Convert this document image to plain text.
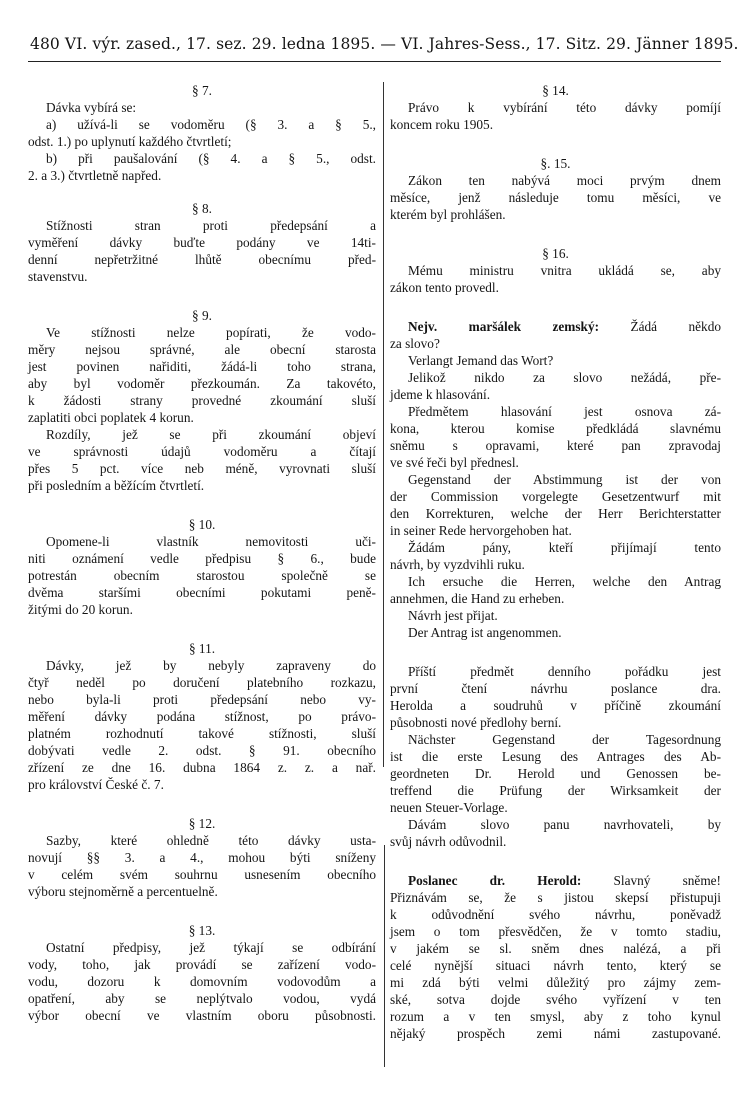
480 VI. výr. zased., 17. sez. 29. ledna 1895. — VI. Jahres-Sess., 17. Sitz. 29. Jänner 1895.

§ 7.

Dávka vybírá se:
a) užívá-li se vodoměru (§ 3. a § 5.,
odst. 1.) po uplynutí každého čtvrtletí;
b) při paušalování (§ 4. a § 5., odst.
2. a 3.) čtvrtletně napřed.

§ 8.

Stížnosti stran proti předepsání a
vyměření dávky buďte podány ve 14ti-
denní nepřetržitné lhůtě obecnímu před-
stavenstvu.

§ 9.

Ve stížnosti nelze popírati, že vodo-
měry nejsou správné, ale obecní starosta
jest povinen nařiditi, žádá-li toho strana,
aby byl vodoměr přezkoumán. Za takovéto,
k žádosti strany provedné zkoumání sluší
zaplatiti obci poplatek 4 korun.
Rozdíly, jež se při zkoumání objeví
ve správnosti údajů vodoměru a čítají
přes 5 pct. více neb méně, vyrovnati sluší
při posledním a běžícím čtvrtletí.

§ 10.

Opomene-li vlastník nemovitosti uči-
niti oznámení vedle předpisu § 6., bude
potrestán obecním starostou společně se
dvěma staršími obecními pokutami peně-
žitými do 20 korun.

§ 11.

Dávky, jež by nebyly zapraveny do
čtyř neděl po doručení platebního rozkazu,
nebo byla-li proti předepsání nebo vy-
měření dávky podána stížnost, po právo-
platném rozhodnutí takové stížnosti, sluší
dobývati vedle 2. odst. § 91. obecního
zřízení ze dne 16. dubna 1864 z. z. a nař.
pro království České č. 7.

§ 12.

Sazby, které ohledně této dávky usta-
novují §§ 3. a 4., mohou býti sníženy
v celém svém souhrnu usnesením obecního
výboru stejnoměrně a percentuelně.

§ 13.

Ostatní předpisy, jež týkají se odbírání
vody, toho, jak provádí se zařízení vodo-
vodu, dozoru k domovním vodovodům a
opatření, aby se neplýtvalo vodou, vydá
výbor obecní ve vlastním oboru působnosti.

§ 14.

Právo k vybírání této dávky pomíjí
koncem roku 1905.

§. 15.

Zákon ten nabývá moci prvým dnem
měsíce, jenž následuje tomu měsíci, ve
kterém byl prohlášen.

§ 16.

Mému ministru vnitra ukládá se, aby
zákon tento provedl.
Nejv. maršálek zemský: Žádá někdo
za slovo?
Verlangt Jemand das Wort?
Jelikož nikdo za slovo nežádá, pře-
jdeme k hlasování.
Předmětem hlasování jest osnova zá-
kona, kterou komise předkládá slavnému
sněmu s opravami, které pan zpravodaj
ve své řeči byl přednesl.
Gegenstand der Abstimmung ist der von
der Commission vorgelegte Gesetzentwurf mit
den Korrekturen, welche der Herr Berichterstatter
in seiner Rede hervorgehoben hat.
Žádám pány, kteří přijímají tento
návrh, by vyzdvihli ruku.
Ich ersuche die Herren, welche den Antrag
annehmen, die Hand zu erheben.
Návrh jest přijat.
Der Antrag ist angenommen.
Příští předmět denního pořádku jest
první čtení návrhu poslance dra.
Herolda a soudruhů v příčině zkoumání
působnosti nové předlohy berní.
Nächster Gegenstand der Tagesordnung
ist die erste Lesung des Antrages des Ab-
geordneten Dr. Herold und Genossen be-
treffend die Prüfung der Wirksamkeit der
neuen Steuer-Vorlage.
Dávám slovo panu navrhovateli, by
svůj návrh odůvodnil.
Poslanec dr. Herold: Slavný sněme!
Přiznávám se, že s jistou skepsí přistupuji
k odůvodnění svého návrhu, poněvadž
jsem o tom přesvědčen, že v tomto stadiu,
v jakém se sl. sněm dnes nalézá, a při
celé nynější situaci návrh tento, který se
mi zdá býti velmi důležitý pro zájmy zem-
ské, sotva dojde svého vyřízení v ten
rozum a v ten smysl, aby z toho kynul
nějaký prospěch zemi námi zastupované.
